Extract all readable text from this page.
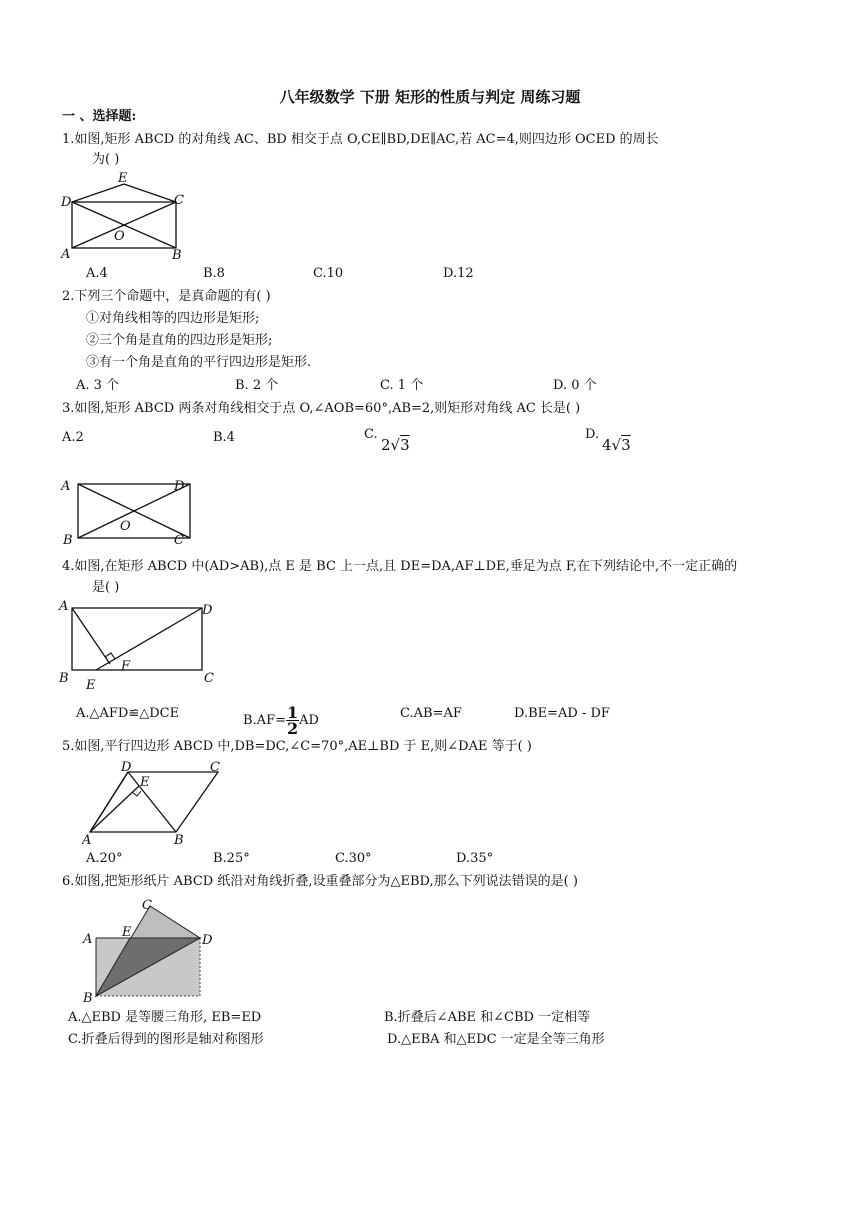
八年级数学 下册 矩形的性质与判定 周练习题
一 、选择题:
1.如图,矩形 ABCD 的对角线 AC、BD 相交于点 O,CE∥BD,DE∥AC,若 AC=4,则四边形 OCED 的周长
为( )
A	B
C
D
E
O
A.4	B.8	C.10	D.12
2.下列三个命题中，是真命题的有( )
①对角线相等的四边形是矩形;
②三个角是直角的四边形是矩形;
③有一个角是直角的平行四边形是矩形.
A. 3 个	B. 2 个	C. 1 个	D. 0 个
3.如图,矩形 ABCD 两条对角线相交于点 O,∠AOB=60°,AB=2,则矩形对角线 AC 长是( )
A.2	B.4	C.
2√3
D.
4√3
A
B	C
D
O
4.如图,在矩形 ABCD 中(AD>AB),点 E 是 BC 上一点,且 DE=DA,AF⊥DE,垂足为点 F,在下列结论中,不一定正确的
是( )
A
B	C
D
E
F
A.△AFD≌△DCE	$B.AF= \frac{1}{2}$ AD	C.AB=AF	D.BE=AD - DF
5.如图,平行四边形 ABCD 中,DB=DC,∠C=70°,AE⊥BD 于 E,则∠DAE 等于( )
A	B
C
D
E
A.20°	B.25°	C.30°	D.35°
6.如图,把矩形纸片 ABCD 纸沿对角线折叠,设重叠部分为△EBD,那么下列说法错误的是( )
A
B
C
D
E
A.△EBD 是等腰三角形, EB=ED	B.折叠后∠ABE 和∠CBD 一定相等
C.折叠后得到的图形是轴对称图形	D.△EBA 和△EDC 一定是全等三角形
